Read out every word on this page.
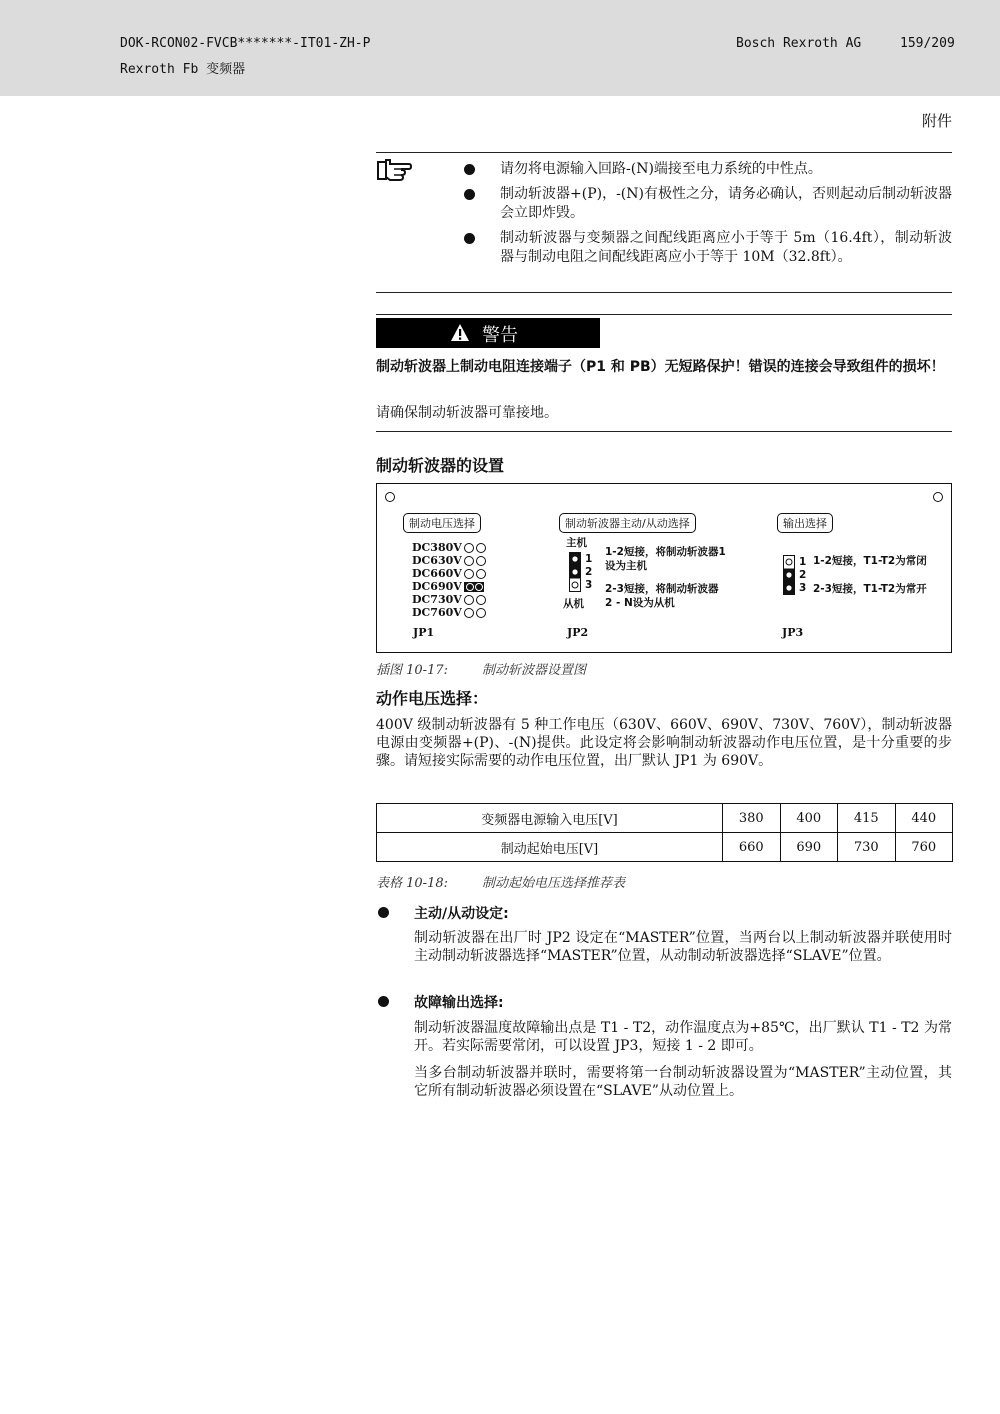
DOK-RCON02-FVCB*******-IT01-ZH-P
Rexroth Fb 变频器
Bosch Rexroth AG	159/209
附件
请勿将电源输入回路-(N)端接至电力系统的中性点。
制动斩波器+(P)，-(N)有极性之分，请务必确认，否则起动后制动斩波器会立即炸毁。
制动斩波器与变频器之间配线距离应小于等于 5m（16.4ft），制动斩波器与制动电阻之间配线距离应小于等于 10M（32.8ft）。
警告
制动斩波器上制动电阻连接端子（P1 和 PB）无短路保护！错误的连接会导致组件的损坏！
请确保制动斩波器可靠接地。
制动斩波器的设置
制动电压选择
DC380V
DC630V
DC660V
DC690V
DC730V
DC760V
JP1
制动斩波器主动/从动选择
主机
1
2
3
从机
1-2短接，将制动斩波器1
设为主机
2-3短接，将制动斩波器
2 - N设为从机
JP2
输出选择
1
2
3
1-2短接，T1-T2为常闭
2-3短接，T1-T2为常开
JP3
插图 10-17:	制动斩波器设置图
动作电压选择：
400V 级制动斩波器有 5 种工作电压（630V、660V、690V、730V、760V），制动斩波器电源由变频器+(P)、-(N)提供。此设定将会影响制动斩波器动作电压位置，是十分重要的步骤。请短接实际需要的动作电压位置，出厂默认 JP1 为 690V。
变频器电源输入电压[V]	380	400	415	440
制动起始电压[V]	660	690	730	760
表格 10-18:	制动起始电压选择推荐表
主动/从动设定:
制动斩波器在出厂时 JP2 设定在“MASTER”位置，当两台以上制动斩波器并联使用时主动制动斩波器选择“MASTER”位置，从动制动斩波器选择“SLAVE”位置。
故障输出选择:
制动斩波器温度故障输出点是 T1 - T2，动作温度点为+85℃，出厂默认 T1 - T2 为常开。若实际需要常闭，可以设置 JP3，短接 1 - 2 即可。
当多台制动斩波器并联时，需要将第一台制动斩波器设置为“MASTER”主动位置，其它所有制动斩波器必须设置在“SLAVE”从动位置上。
